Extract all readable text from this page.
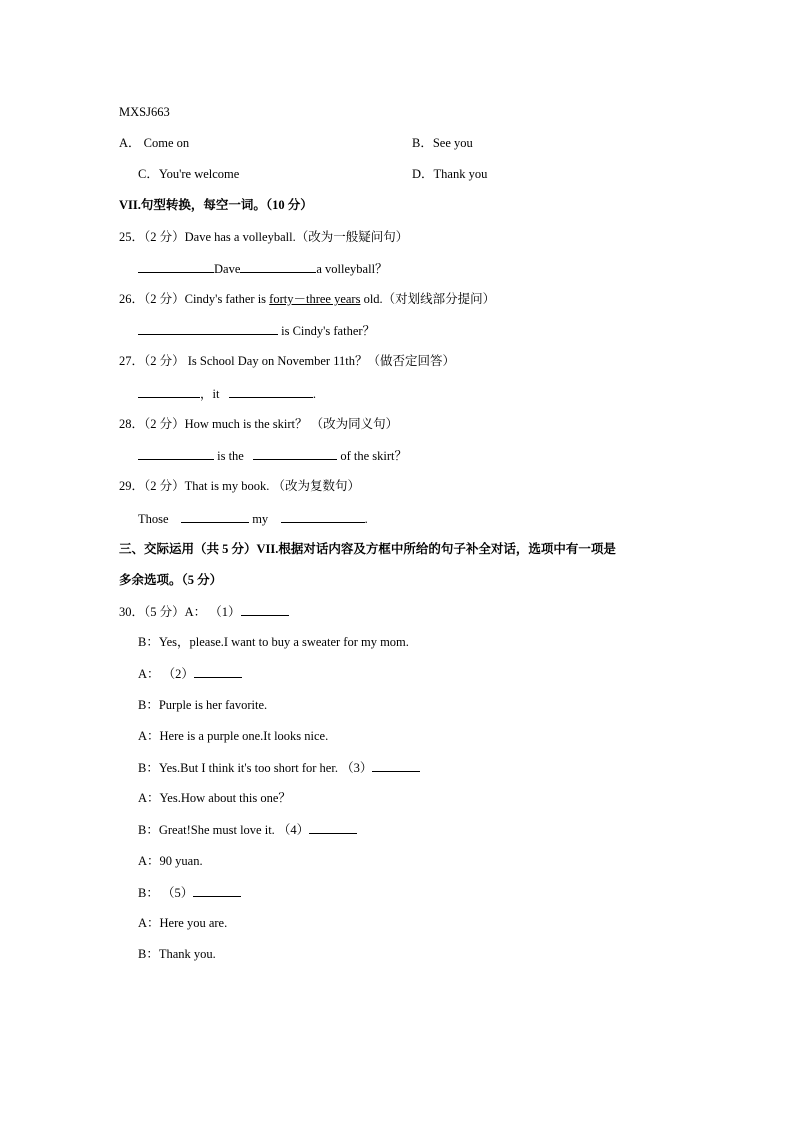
MXSJ663
A． Come on	B．See you
C．You're welcome	D．Thank you
VII.句型转换，每空一词。（10 分）
25．（2 分）Dave has a volleyball.（改为一般疑问句）
Dave	a volleyball？
26．（2 分）Cindy's father is forty－three years old.（对划线部分提问）
is Cindy's father？
27．（2 分） Is School Day on November 11th？（做否定回答）
，it	.
28．（2 分）How much is the skirt？ （改为同义句）
is the	of the skirt？
29．（2 分）That is my book. （改为复数句）
Those	my	.
三、交际运用（共 5 分）VII.根据对话内容及方框中所给的句子补全对话，选项中有一项是
多余选项。（5 分）
30．（5 分）A： （1）
B：Yes，please.I want to buy a sweater for my mom.
A： （2）
B：Purple is her favorite.
A：Here is a purple one.It looks nice.
B：Yes.But I think it's too short for her. （3）
A：Yes.How about this one？
B：Great!She must love it. （4）
A：90 yuan.
B： （5）
A：Here you are.
B：Thank you.
